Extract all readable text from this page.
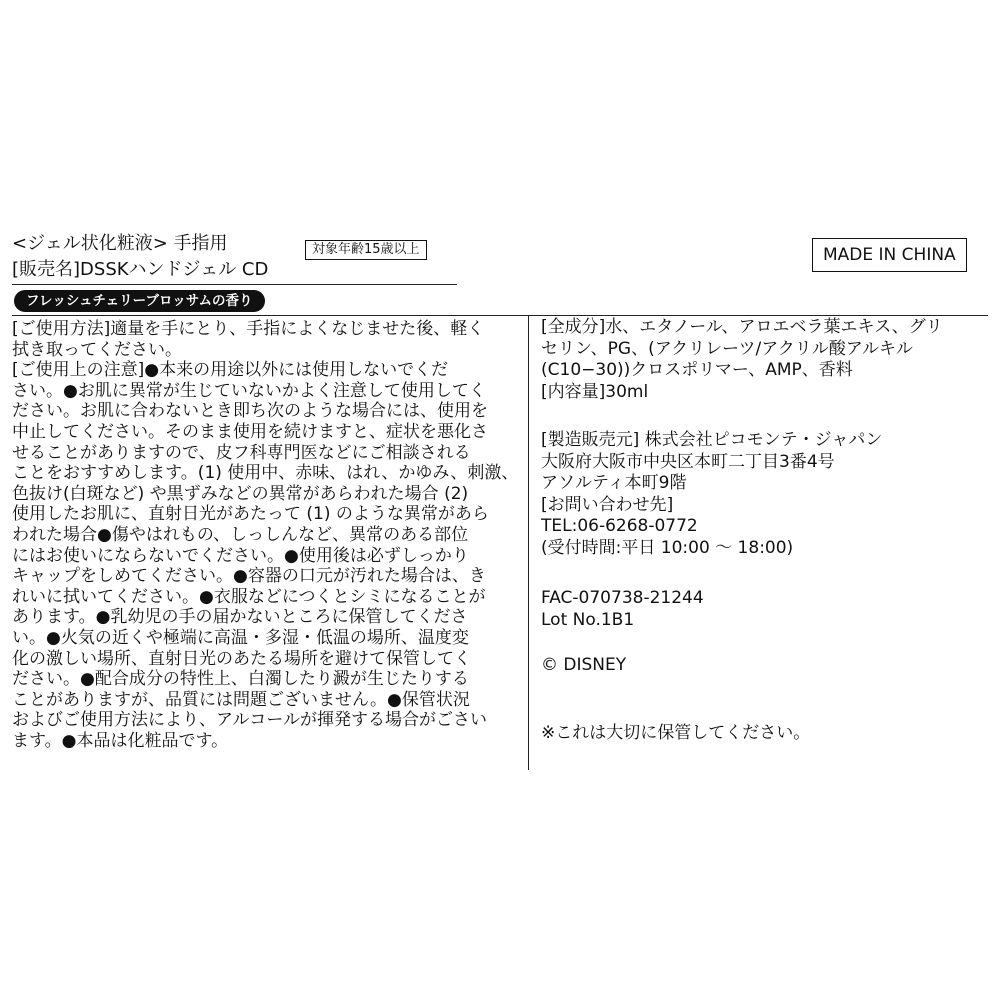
<ジェル状化粧液> 手指用
[販売名]DSSKハンドジェル CD
対象年齢15歳以上	MADE IN CHINA
フレッシュチェリーブロッサムの香り
[ご使用方法]適量を手にとり、手指によくなじませた後、軽く
拭き取ってください。
[ご使用上の注意]●本来の用途以外には使用しないでくだ
さい。●お肌に異常が生じていないかよく注意して使用してく
ださい。お肌に合わないとき即ち次のような場合には、使用を
中止してください。そのまま使用を続けますと、症状を悪化さ
せることがありますので、皮フ科専門医などにご相談される
ことをおすすめします。(1) 使用中、赤味、はれ、かゆみ、刺激、
色抜け(白斑など) や黒ずみなどの異常があらわれた場合 (2)
使用したお肌に、直射日光があたって (1) のような異常があら
われた場合●傷やはれもの、しっしんなど、異常のある部位
にはお使いにならないでください。●使用後は必ずしっかり
キャップをしめてください。●容器の口元が汚れた場合は、き
れいに拭いてください。●衣服などにつくとシミになることが
あります。●乳幼児の手の届かないところに保管してくださ
い。●火気の近くや極端に高温・多湿・低温の場所、温度変
化の激しい場所、直射日光のあたる場所を避けて保管してく
ださい。●配合成分の特性上、白濁したり澱が生じたりする
ことがありますが、品質には問題ございません。●保管状況
およびご使用方法により、アルコールが揮発する場合がごさい
ます。●本品は化粧品です。
[全成分]水、エタノール、アロエベラ葉エキス、グリ
セリン、PG、(アクリレーツ/アクリル酸アルキル
(C10−30))クロスポリマー、AMP、香料
[内容量]30ml
[製造販売元] 株式会社ピコモンテ・ジャパン
大阪府大阪市中央区本町二丁目3番4号
アソルティ本町9階
[お問い合わせ先]
TEL:06-6268-0772
(受付時間:平日 10:00 〜 18:00)
FAC-070738-21244
Lot No.1B1
© DISNEY
※これは大切に保管してください。
